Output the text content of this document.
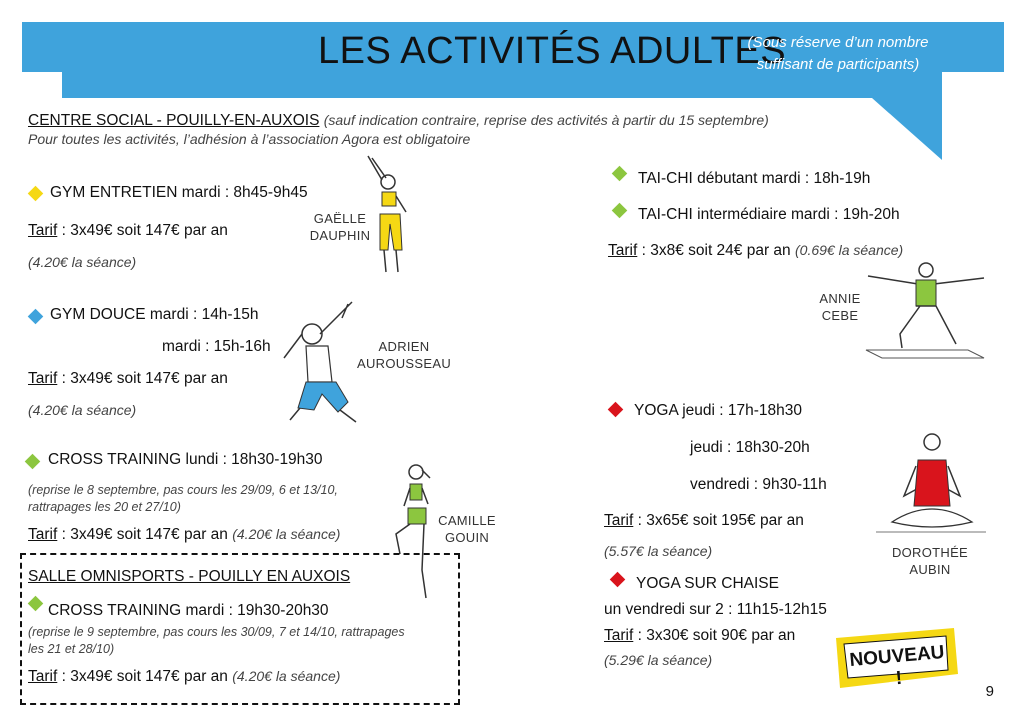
LES ACTIVITÉS ADULTES
(Sous réserve d’un nombre
suffisant de participants)
CENTRE SOCIAL - POUILLY-EN-AUXOIS (sauf indication contraire, reprise des activités à partir du 15 septembre)
Pour toutes les activités, l’adhésion à l’association Agora est obligatoire
GYM ENTRETIEN mardi : 8h45-9h45
Tarif : 3x49€ soit 147€ par an
(4.20€ la séance)
GAËLLE
DAUPHIN
GYM DOUCE mardi : 14h-15h
mardi : 15h-16h
Tarif : 3x49€ soit 147€ par an
(4.20€ la séance)
ADRIEN
AUROUSSEAU
CROSS TRAINING lundi : 18h30-19h30
(reprise le 8 septembre, pas cours les 29/09, 6 et 13/10, rattrapages les 20 et 27/10)
Tarif : 3x49€ soit 147€ par an (4.20€ la séance)
CAMILLE
GOUIN
SALLE OMNISPORTS - POUILLY EN AUXOIS
CROSS TRAINING mardi : 19h30-20h30
(reprise le 9 septembre, pas cours les 30/09, 7 et 14/10, rattrapages les 21 et 28/10)
Tarif : 3x49€ soit 147€ par an (4.20€ la séance)
TAI-CHI débutant mardi : 18h-19h
TAI-CHI intermédiaire mardi : 19h-20h
Tarif : 3x8€ soit 24€ par an (0.69€ la séance)
ANNIE
CEBE
YOGA jeudi : 17h-18h30
jeudi : 18h30-20h
vendredi : 9h30-11h
Tarif : 3x65€ soit 195€ par an
(5.57€ la séance)	DOROTHÉE
AUBIN
YOGA SUR CHAISE
un vendredi sur 2 : 11h15-12h15
Tarif : 3x30€ soit 90€ par an
(5.29€ la séance)	NOUVEAU !
9
